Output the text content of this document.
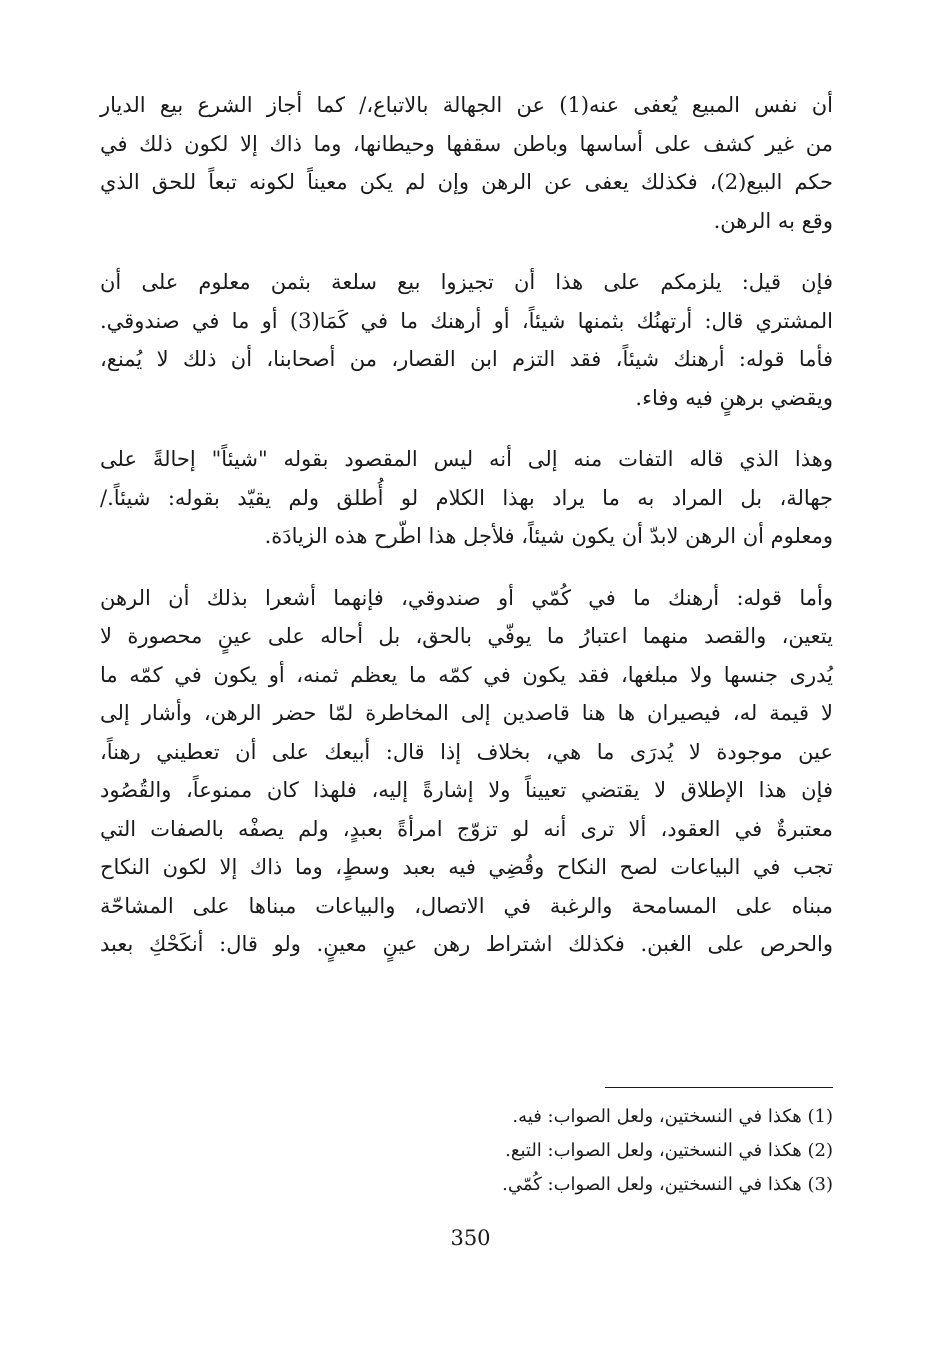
أن نفس المبيع يُعفى عنه(1) عن الجهالة بالاتباع،/ كما أجاز الشرع بيع الديار
من غير كشف على أساسها وباطن سقفها وحيطانها، وما ذاك إلا لكون ذلك في
حكم البيع(2)، فكذلك يعفى عن الرهن وإن لم يكن معيناً لكونه تبعاً للحق الذي
وقع به الرهن.

فإن قيل: يلزمكم على هذا أن تجيزوا بيع سلعة بثمن معلوم على أن
المشتري قال: أرتهنُك بثمنها شيئاً، أو أرهنك ما في كَمَا(3) أو ما في صندوقي.
فأما قوله: أرهنك شيئاً، فقد التزم ابن القصار، من أصحابنا، أن ذلك لا يُمنع،
ويقضي برهنٍ فيه وفاء.

وهذا الذي قاله التفات منه إلى أنه ليس المقصود بقوله "شيئاً" إحالةً على
جهالة، بل المراد به ما يراد بهذا الكلام لو أُطلق ولم يقيّد بقوله: شيئاً./
ومعلوم أن الرهن لابدّ أن يكون شيئاً، فلأجل هذا اطّرح هذه الزيادَة.

وأما قوله: أرهنك ما في كُمّي أو صندوقي، فإنهما أشعرا بذلك أن الرهن
يتعين، والقصد منهما اعتبارُ ما يوفّي بالحق، بل أحاله على عينٍ محصورة لا
يُدرى جنسها ولا مبلغها، فقد يكون في كمّه ما يعظم ثمنه، أو يكون في كمّه ما
لا قيمة له، فيصيران ها هنا قاصدين إلى المخاطرة لمّا حضر الرهن، وأشار إلى
عين موجودة لا يُدرَى ما هي، بخلاف إذا قال: أبيعك على أن تعطيني رهناً،
فإن هذا الإطلاق لا يقتضي تعييناً ولا إشارةً إليه، فلهذا كان ممنوعاً، والقُصُود
معتبرةٌ في العقود، ألا ترى أنه لو تزوّج امرأةً بعبدٍ، ولم يصفْه بالصفات التي
تجب في البياعات لصح النكاح وقُضِي فيه بعبد وسطٍ، وما ذاك إلا لكون النكاح
مبناه على المسامحة والرغبة في الاتصال، والبياعات مبناها على المشاحّة
والحرص على الغبن. فكذلك اشتراط رهن عينٍ معينٍ. ولو قال: أنكَحْكِ بعبد

(1) هكذا في النسختين، ولعل الصواب: فيه.
(2) هكذا في النسختين، ولعل الصواب: التبع.
(3) هكذا في النسختين، ولعل الصواب: كُمّي.
350
